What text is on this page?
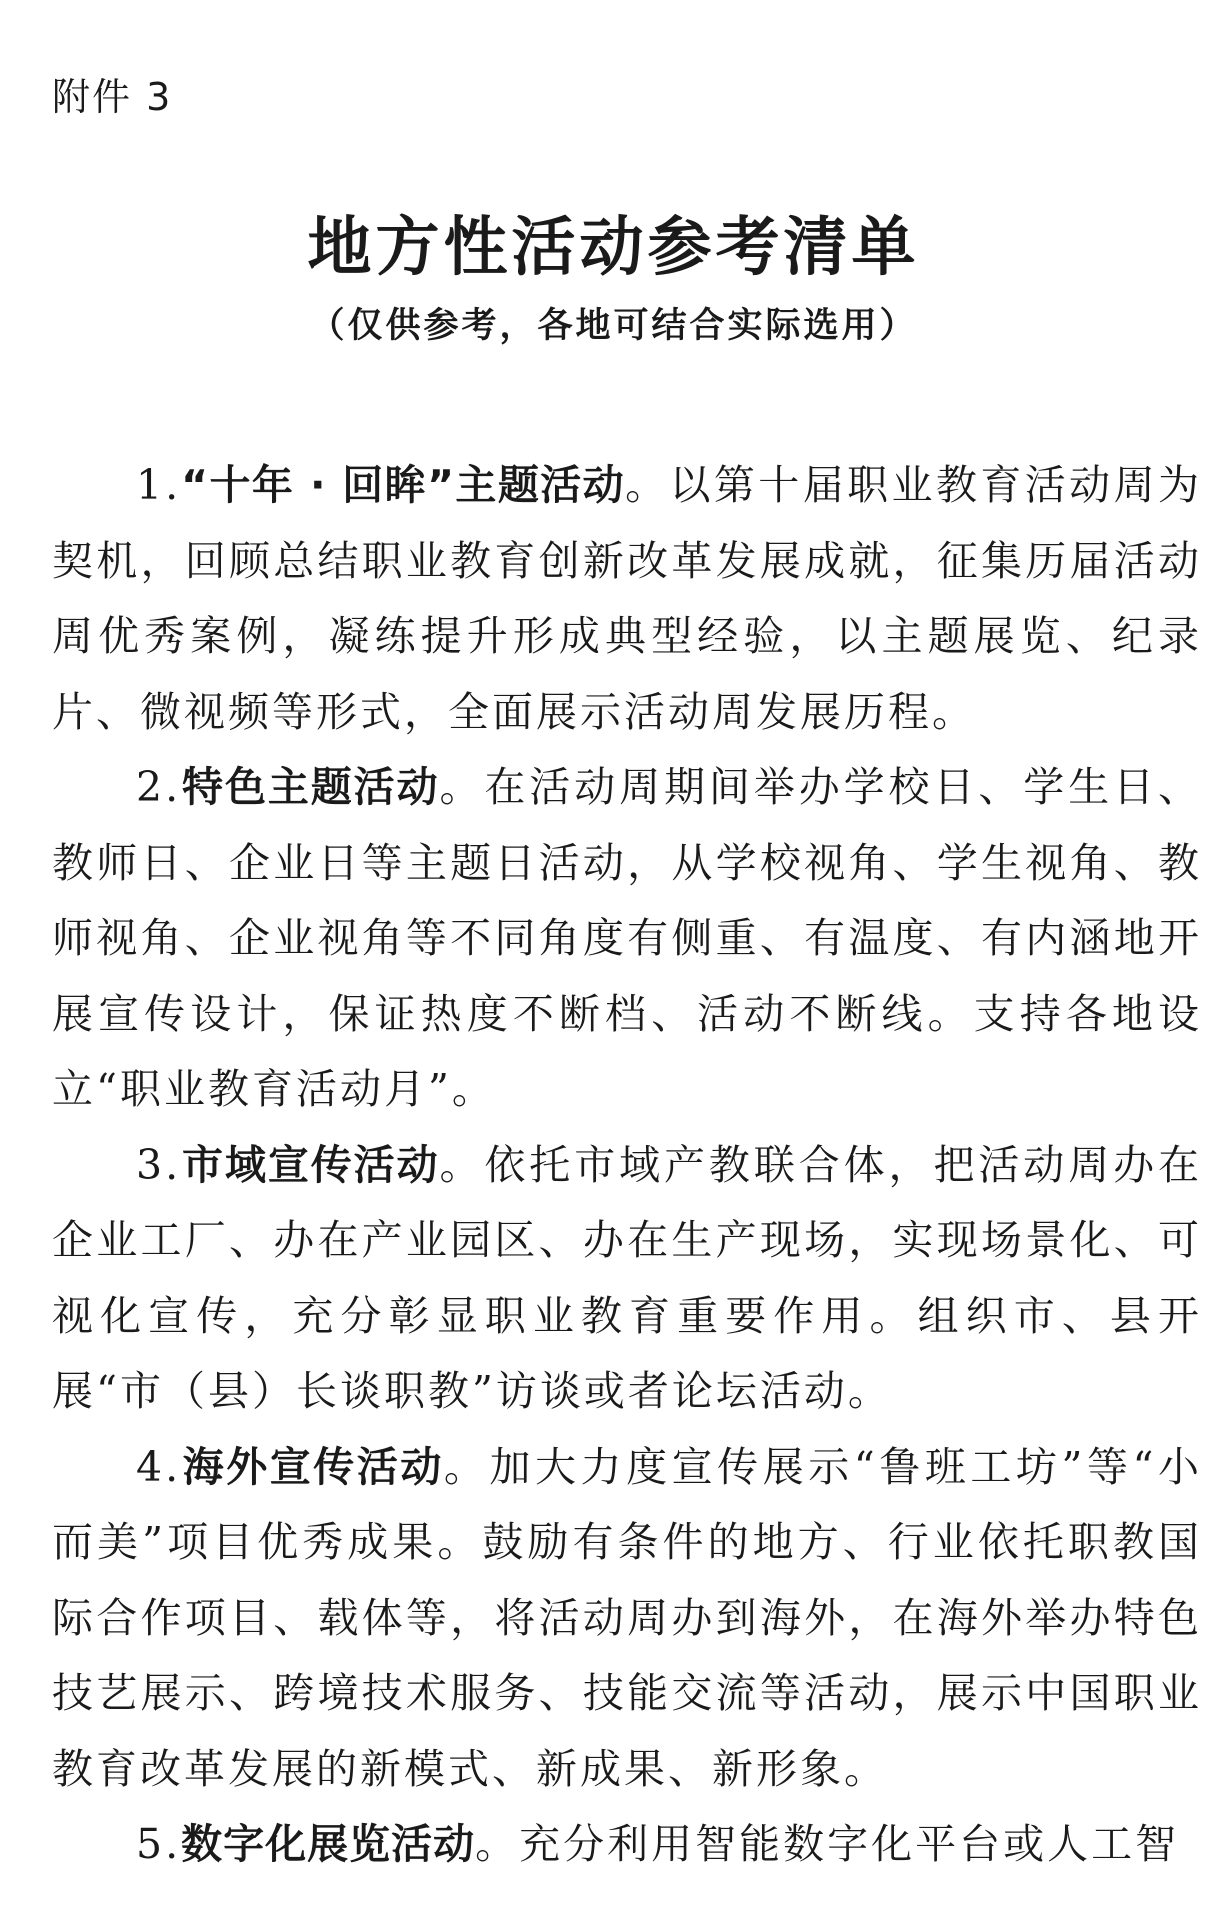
附件 3
地方性活动参考清单
（仅供参考，各地可结合实际选用）

1.“十年 · 回眸”主题活动。以第十届职业教育活动周为契机，回顾总结职业教育创新改革发展成就，征集历届活动周优秀案例，凝练提升形成典型经验，以主题展览、纪录片、微视频等形式，全面展示活动周发展历程。

2.特色主题活动。在活动周期间举办学校日、学生日、教师日、企业日等主题日活动，从学校视角、学生视角、教师视角、企业视角等不同角度有侧重、有温度、有内涵地开展宣传设计，保证热度不断档、活动不断线。支持各地设立“职业教育活动月”。

3.市域宣传活动。依托市域产教联合体，把活动周办在企业工厂、办在产业园区、办在生产现场，实现场景化、可视化宣传，充分彰显职业教育重要作用。组织市、县开展“市（县）长谈职教”访谈或者论坛活动。

4.海外宣传活动。加大力度宣传展示“鲁班工坊”等“小而美”项目优秀成果。鼓励有条件的地方、行业依托职教国际合作项目、载体等，将活动周办到海外，在海外举办特色技艺展示、跨境技术服务、技能交流等活动，展示中国职业教育改革发展的新模式、新成果、新形象。

5.数字化展览活动。充分利用智能数字化平台或人工智
